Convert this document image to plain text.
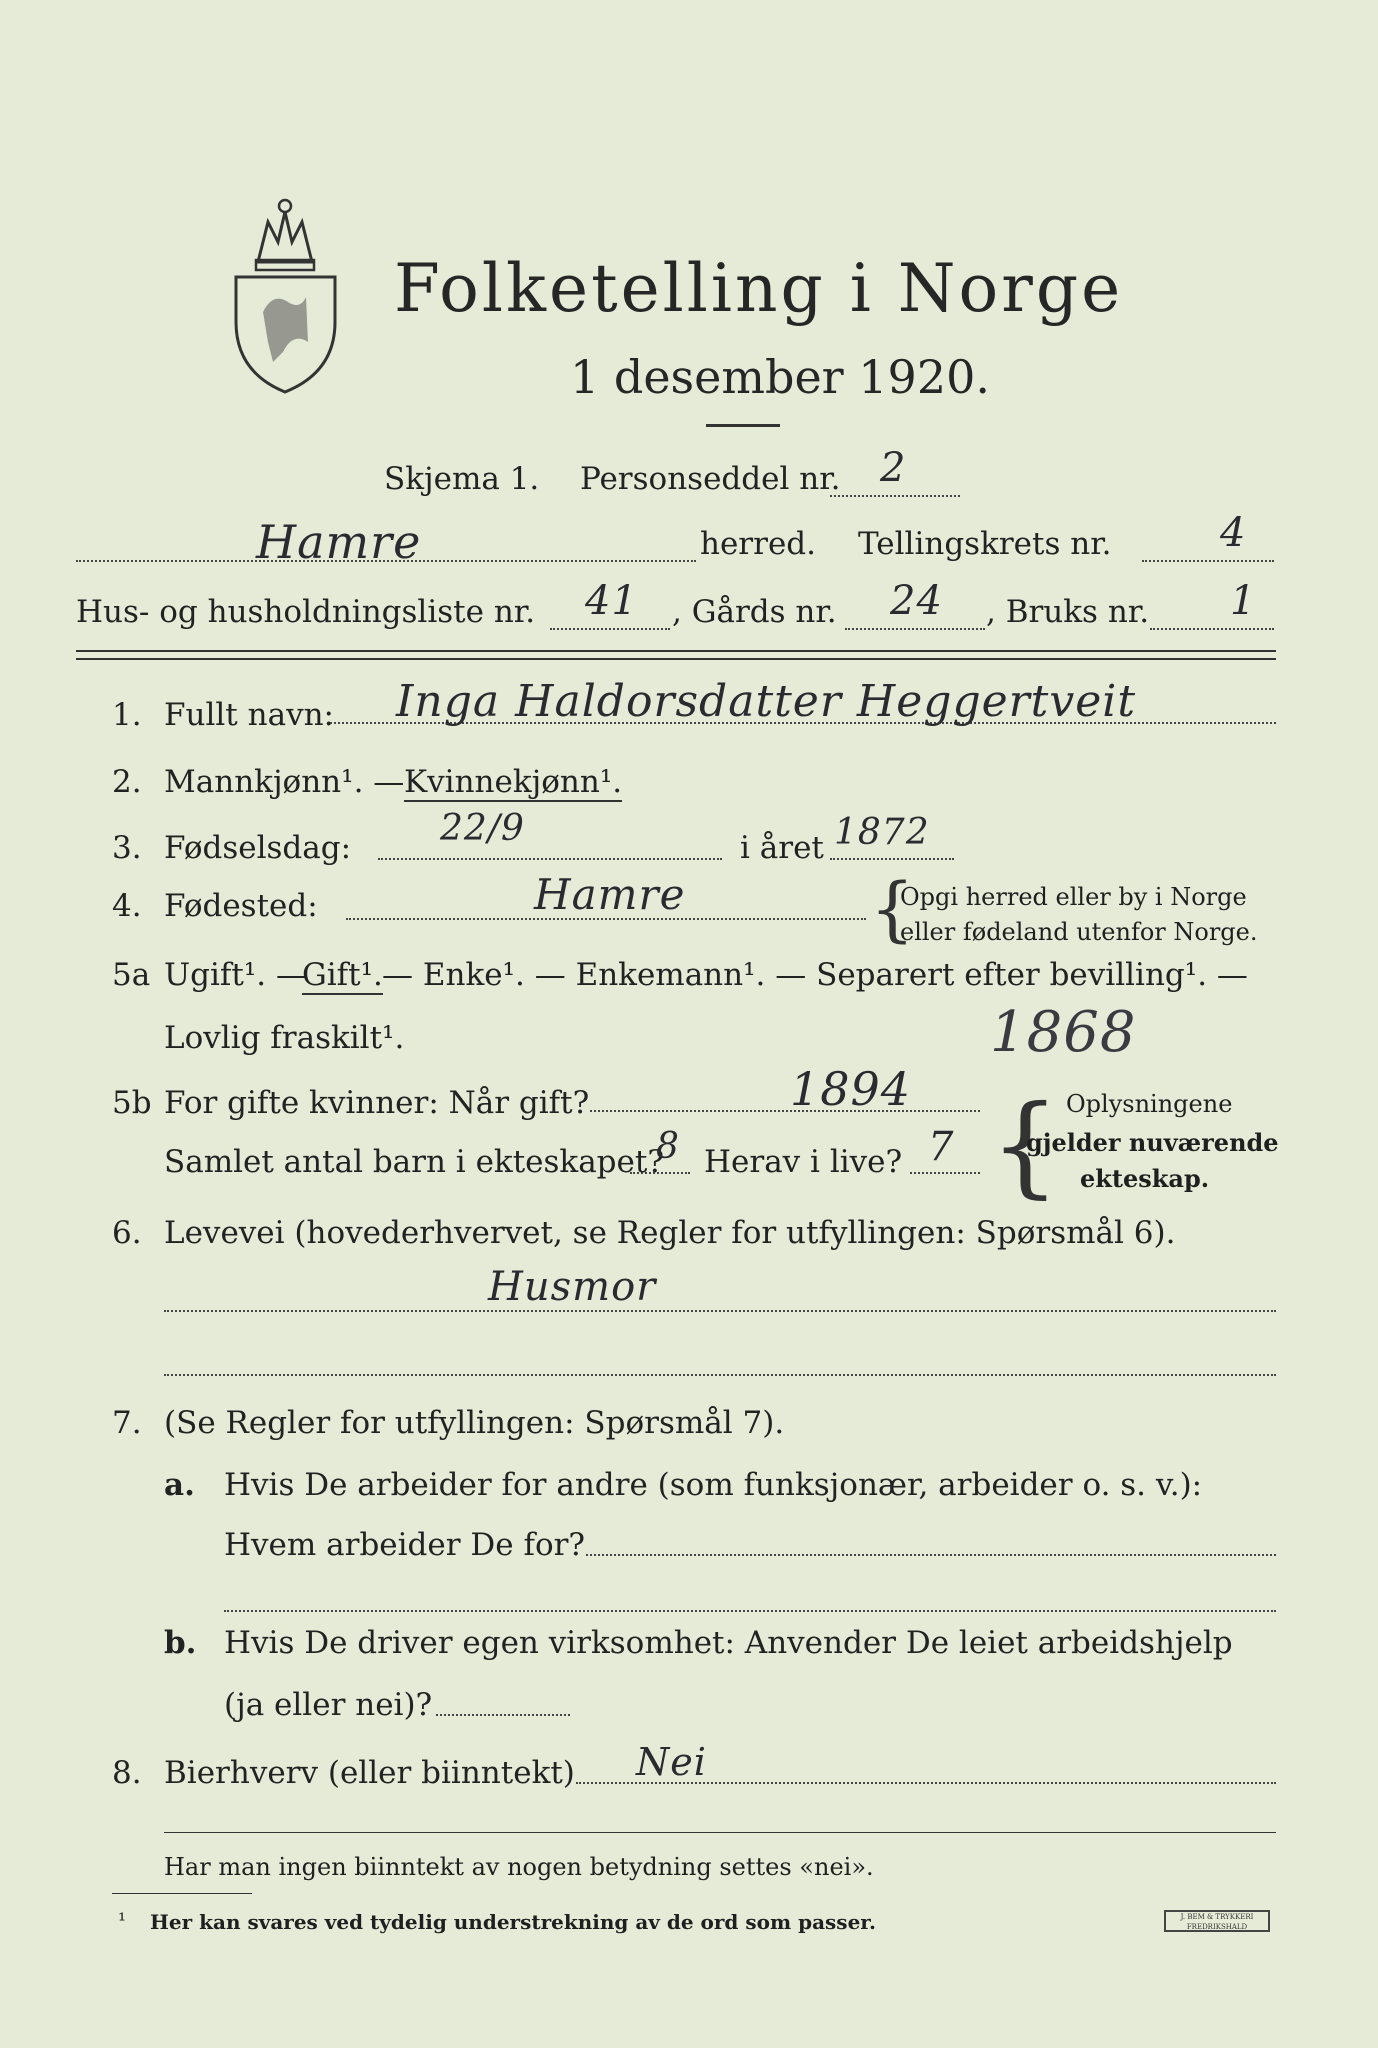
Folketelling i Norge
1 desember 1920.
Skjema 1. Personseddel nr. 2
Hamre	herred. Tellingskrets nr.	4
Hus- og husholdningsliste nr. 41 , Gårds nr. 24 , Bruks nr. 1
1. Fullt navn: Inga Haldorsdatter Heggertveit
2. Mannkjønn¹. — Kvinnekjønn¹.
3. Fødselsdag: 22/9	i året 1872
4. Fødested:	Hamre	{
Opgi herred eller by i Norge
eller fødeland utenfor Norge.
5a Ugift¹. —
Gift¹. — Enke¹. — Enkemann¹. — Separert efter bevilling¹. —
Lovlig fraskilt¹.	1868
5b For gifte kvinner: Når gift?	1894
Samlet antal barn i ekteskapet?
8 Herav i live? 7 { Oplysningene
gjelder nuværende
ekteskap.
6. Levevei (hovederhvervet, se Regler for utfyllingen: Spørsmål 6).
Husmor
7. (Se Regler for utfyllingen: Spørsmål 7).
a. Hvis De arbeider for andre (som funksjonær, arbeider o. s. v.):
Hvem arbeider De for?
b. Hvis De driver egen virksomhet: Anvender De leiet arbeidshjelp
(ja eller nei)?
8. Bierhverv (eller biinntekt) Nei
Har man ingen biinntekt av nogen betydning settes «nei».
¹ Her kan svares ved tydelig understrekning av de ord som passer.	J. BEM & TRYKKERI FREDRIKSHALD
